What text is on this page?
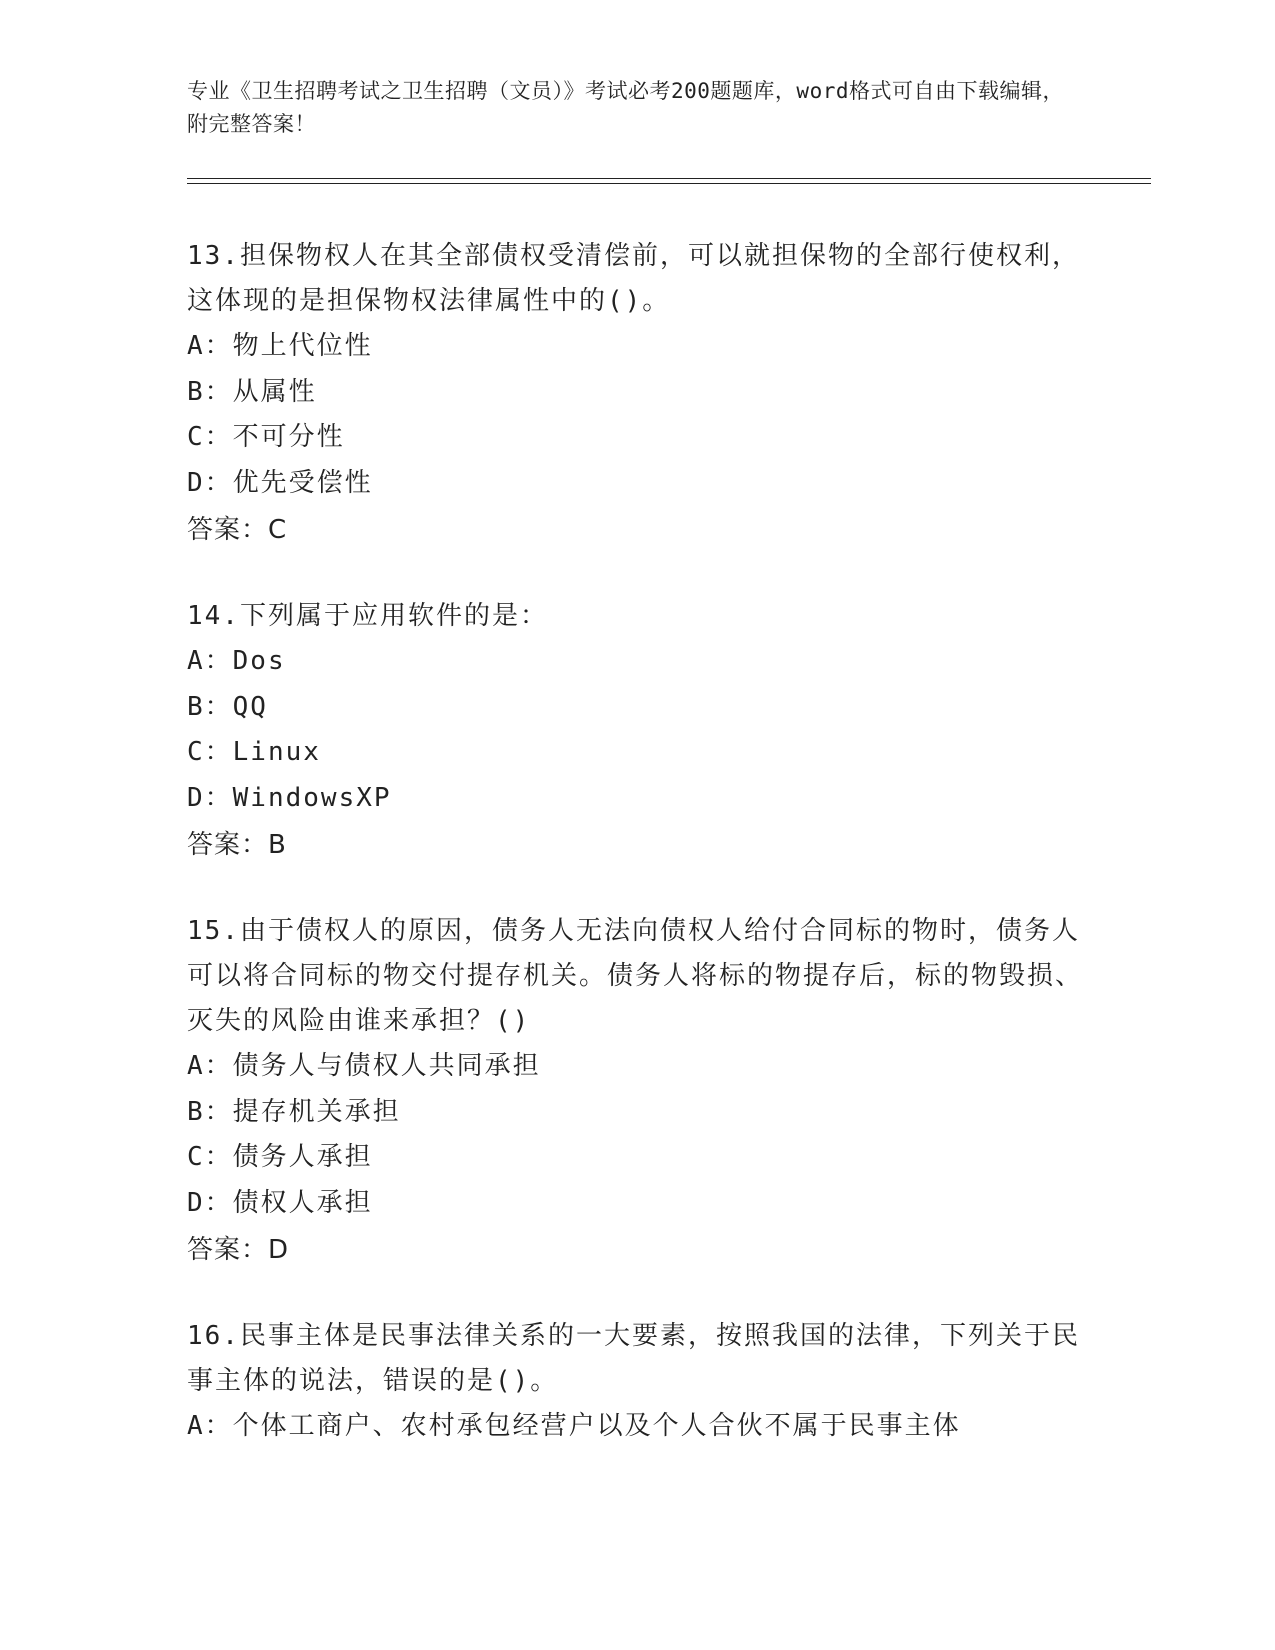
专业《卫生招聘考试之卫生招聘（文员）》考试必考200题题库，word格式可自由下载编辑，附完整答案！
13.担保物权人在其全部债权受清偿前，可以就担保物的全部行使权利，这体现的是担保物权法律属性中的()。
A：物上代位性
B：从属性
C：不可分性
D：优先受偿性
答案：C
14.下列属于应用软件的是：
A：Dos
B：QQ
C：Linux
D：WindowsXP
答案：B
15.由于债权人的原因，债务人无法向债权人给付合同标的物时，债务人可以将合同标的物交付提存机关。债务人将标的物提存后，标的物毁损、灭失的风险由谁来承担？()
A：债务人与债权人共同承担
B：提存机关承担
C：债务人承担
D：债权人承担
答案：D
16.民事主体是民事法律关系的一大要素，按照我国的法律，下列关于民事主体的说法，错误的是()。
A：个体工商户、农村承包经营户以及个人合伙不属于民事主体
